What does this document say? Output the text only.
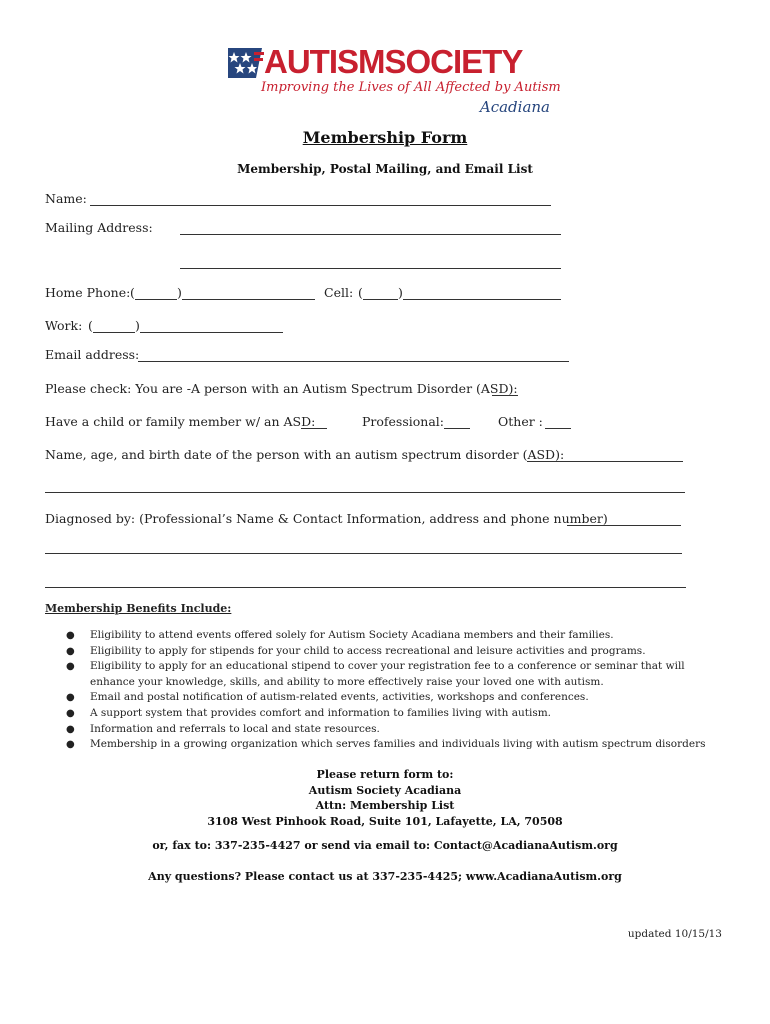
AUTISMSOCIETY
Improving the Lives of All Affected by Autism
Acadiana
Membership Form
Membership, Postal Mailing, and Email List
Name:
Mailing Address:
Home Phone: (	)	Cell: (	)
Work: (	)
Email address:
Please check: You are -A person with an Autism Spectrum Disorder (ASD):
Have a child or family member w/ an ASD:	Professional:	Other :
Name, age, and birth date of the person with an autism spectrum disorder (ASD):
Diagnosed by: (Professional’s Name & Contact Information, address and phone number)
Membership Benefits Include:
● Eligibility to attend events offered solely for Autism Society Acadiana members and their families.
● Eligibility to apply for stipends for your child to access recreational and leisure activities and programs.
● Eligibility to apply for an educational stipend to cover your registration fee to a conference or seminar that will enhance your knowledge, skills, and ability to more effectively raise your loved one with autism.
● Email and postal notification of autism-related events, activities, workshops and conferences.
● A support system that provides comfort and information to families living with autism.
● Information and referrals to local and state resources.
● Membership in a growing organization which serves families and individuals living with autism spectrum disorders
Please return form to:
Autism Society Acadiana
Attn: Membership List
3108 West Pinhook Road, Suite 101, Lafayette, LA, 70508
or, fax to: 337-235-4427 or send via email to: Contact@AcadianaAutism.org
Any questions? Please contact us at 337-235-4425; www.AcadianaAutism.org
updated 10/15/13
